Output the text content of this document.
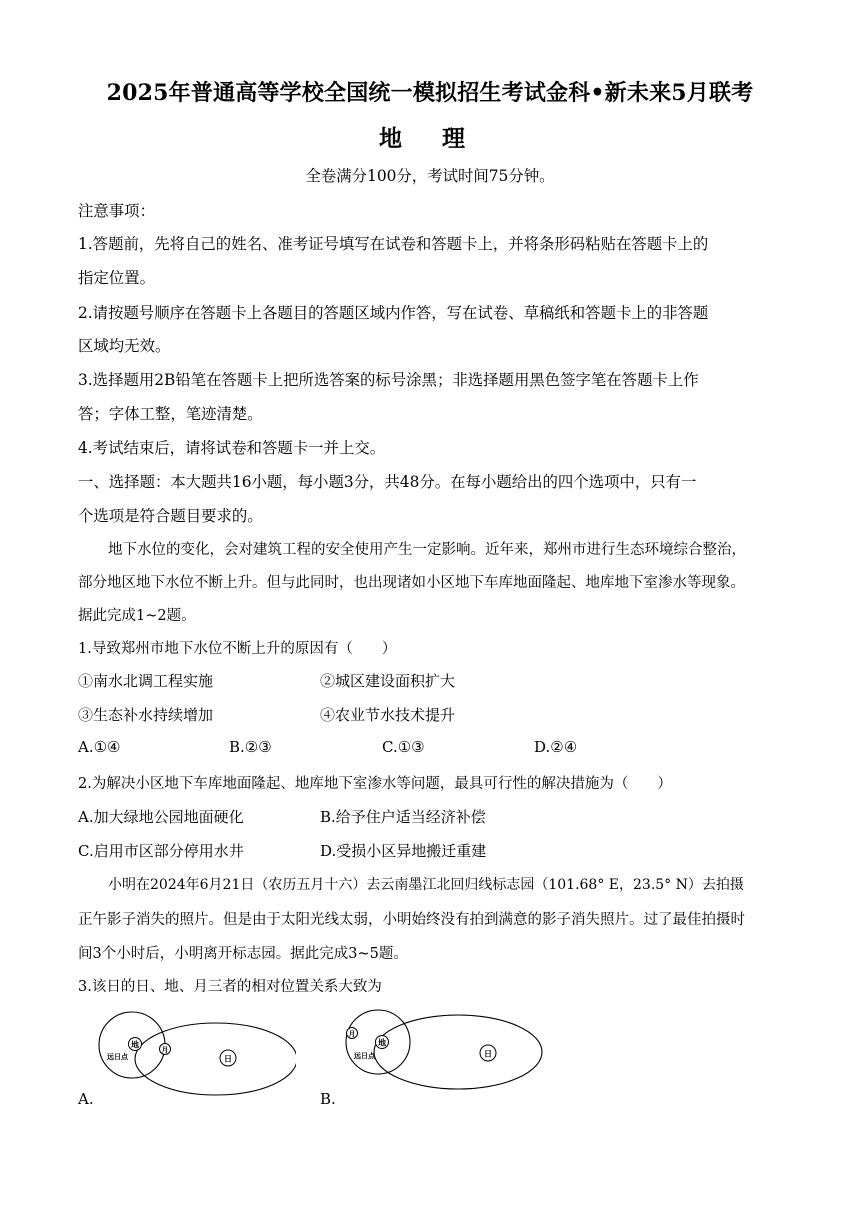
2025年普通高等学校全国统一模拟招生考试金科•新未来5月联考
地 理
全卷满分100分，考试时间75分钟。
注意事项：
1.答题前，先将自己的姓名、准考证号填写在试卷和答题卡上，并将条形码粘贴在答题卡上的
指定位置。
2.请按题号顺序在答题卡上各题目的答题区域内作答，写在试卷、草稿纸和答题卡上的非答题
区域均无效。
3.选择题用2B铅笔在答题卡上把所选答案的标号涂黑；非选择题用黑色签字笔在答题卡上作
答；字体工整，笔迹清楚。
4.考试结束后，请将试卷和答题卡一并上交。
一、选择题：本大题共16小题，每小题3分，共48分。在每小题给出的四个选项中，只有一
个选项是符合题目要求的。
地下水位的变化，会对建筑工程的安全使用产生一定影响。近年来，郑州市进行生态环境综合整治，
部分地区地下水位不断上升。但与此同时，也出现诸如小区地下车库地面隆起、地库地下室渗水等现象。
据此完成1~2题。
1.导致郑州市地下水位不断上升的原因有（　　）
①南水北调工程实施	②城区建设面积扩大
③生态补水持续增加	④农业节水技术提升
A.①④	B.②③	C.①③	D.②④
2.为解决小区地下车库地面隆起、地库地下室渗水等问题，最具可行性的解决措施为（　　）
A.加大绿地公园地面硬化	B.给予住户适当经济补偿
C.启用市区部分停用水井	D.受损小区异地搬迁重建
小明在2024年6月21日（农历五月十六）去云南墨江北回归线标志园（101.68° E，23.5° N）去拍摄
正午影子消失的照片。但是由于太阳光线太弱，小明始终没有拍到满意的影子消失照片。过了最佳拍摄时
间3个小时后，小明离开标志园。据此完成3~5题。
3.该日的日、地、月三者的相对位置关系大致为
地
月
日
远日点
A.
地
月
日
远日点
B.
